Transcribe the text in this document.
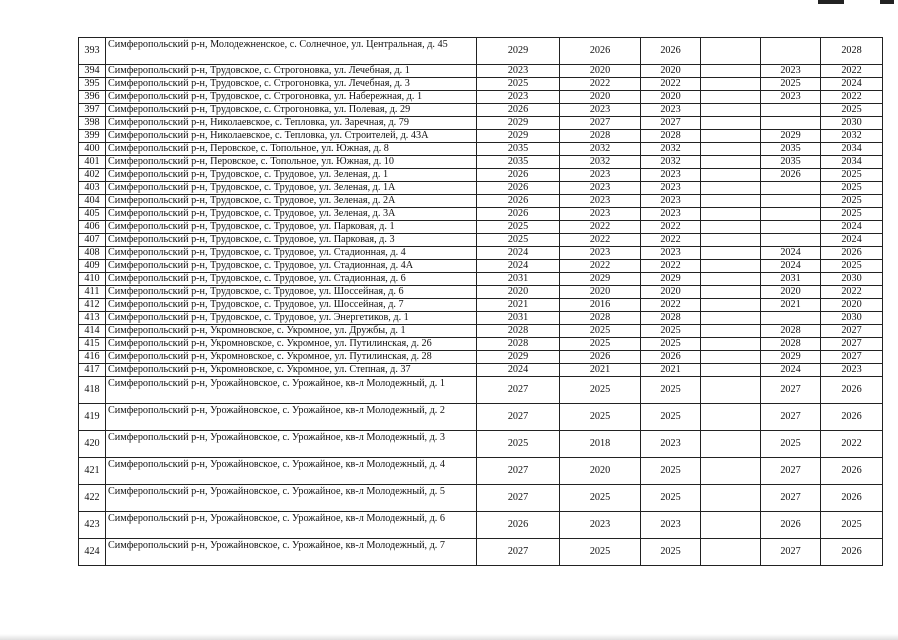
393	Симферопольский р-н, Молодежненское, с. Солнечное, ул. Центральная, д. 45	2029	2026	2026			2028
394	Симферопольский р-н, Трудовское, с. Строгоновка, ул. Лечебная, д. 1	2023	2020	2020		2023	2022
395	Симферопольский р-н, Трудовское, с. Строгоновка, ул. Лечебная, д. 3	2025	2022	2022		2025	2024
396	Симферопольский р-н, Трудовское, с. Строгоновка, ул. Набережная, д. 1	2023	2020	2020		2023	2022
397	Симферопольский р-н, Трудовское, с. Строгоновка, ул. Полевая, д. 29	2026	2023	2023			2025
398	Симферопольский р-н, Николаевское, с. Тепловка, ул. Заречная, д. 79	2029	2027	2027			2030
399	Симферопольский р-н, Николаевское, с. Тепловка, ул. Строителей, д. 43А	2029	2028	2028		2029	2032
400	Симферопольский р-н, Перовское, с. Топольное, ул. Южная, д. 8	2035	2032	2032		2035	2034
401	Симферопольский р-н, Перовское, с. Топольное, ул. Южная, д. 10	2035	2032	2032		2035	2034
402	Симферопольский р-н, Трудовское, с. Трудовое, ул. Зеленая, д. 1	2026	2023	2023		2026	2025
403	Симферопольский р-н, Трудовское, с. Трудовое, ул. Зеленая, д. 1А	2026	2023	2023			2025
404	Симферопольский р-н, Трудовское, с. Трудовое, ул. Зеленая, д. 2А	2026	2023	2023			2025
405	Симферопольский р-н, Трудовское, с. Трудовое, ул. Зеленая, д. 3А	2026	2023	2023			2025
406	Симферопольский р-н, Трудовское, с. Трудовое, ул. Парковая, д. 1	2025	2022	2022			2024
407	Симферопольский р-н, Трудовское, с. Трудовое, ул. Парковая, д. 3	2025	2022	2022			2024
408	Симферопольский р-н, Трудовское, с. Трудовое, ул. Стадионная, д. 4	2024	2023	2023		2024	2026
409	Симферопольский р-н, Трудовское, с. Трудовое, ул. Стадионная, д. 4А	2024	2022	2022		2024	2025
410	Симферопольский р-н, Трудовское, с. Трудовое, ул. Стадионная, д. 6	2031	2029	2029		2031	2030
411	Симферопольский р-н, Трудовское, с. Трудовое, ул. Шоссейная, д. 6	2020	2020	2020		2020	2022
412	Симферопольский р-н, Трудовское, с. Трудовое, ул. Шоссейная, д. 7	2021	2016	2022		2021	2020
413	Симферопольский р-н, Трудовское, с. Трудовое, ул. Энергетиков, д. 1	2031	2028	2028			2030
414	Симферопольский р-н, Укромновское, с. Укромное, ул. Дружбы, д. 1	2028	2025	2025		2028	2027
415	Симферопольский р-н, Укромновское, с. Укромное, ул. Путилинская, д. 26	2028	2025	2025		2028	2027
416	Симферопольский р-н, Укромновское, с. Укромное, ул. Путилинская, д. 28	2029	2026	2026		2029	2027
417	Симферопольский р-н, Укромновское, с. Укромное, ул. Степная, д. 37	2024	2021	2021		2024	2023
418	Симферопольский р-н, Урожайновское, с. Урожайное, кв-л Молодежный, д. 1	2027	2025	2025		2027	2026
419	Симферопольский р-н, Урожайновское, с. Урожайное, кв-л Молодежный, д. 2	2027	2025	2025		2027	2026
420	Симферопольский р-н, Урожайновское, с. Урожайное, кв-л Молодежный, д. 3	2025	2018	2023		2025	2022
421	Симферопольский р-н, Урожайновское, с. Урожайное, кв-л Молодежный, д. 4	2027	2020	2025		2027	2026
422	Симферопольский р-н, Урожайновское, с. Урожайное, кв-л Молодежный, д. 5	2027	2025	2025		2027	2026
423	Симферопольский р-н, Урожайновское, с. Урожайное, кв-л Молодежный, д. 6	2026	2023	2023		2026	2025
424	Симферопольский р-н, Урожайновское, с. Урожайное, кв-л Молодежный, д. 7	2027	2025	2025		2027	2026
